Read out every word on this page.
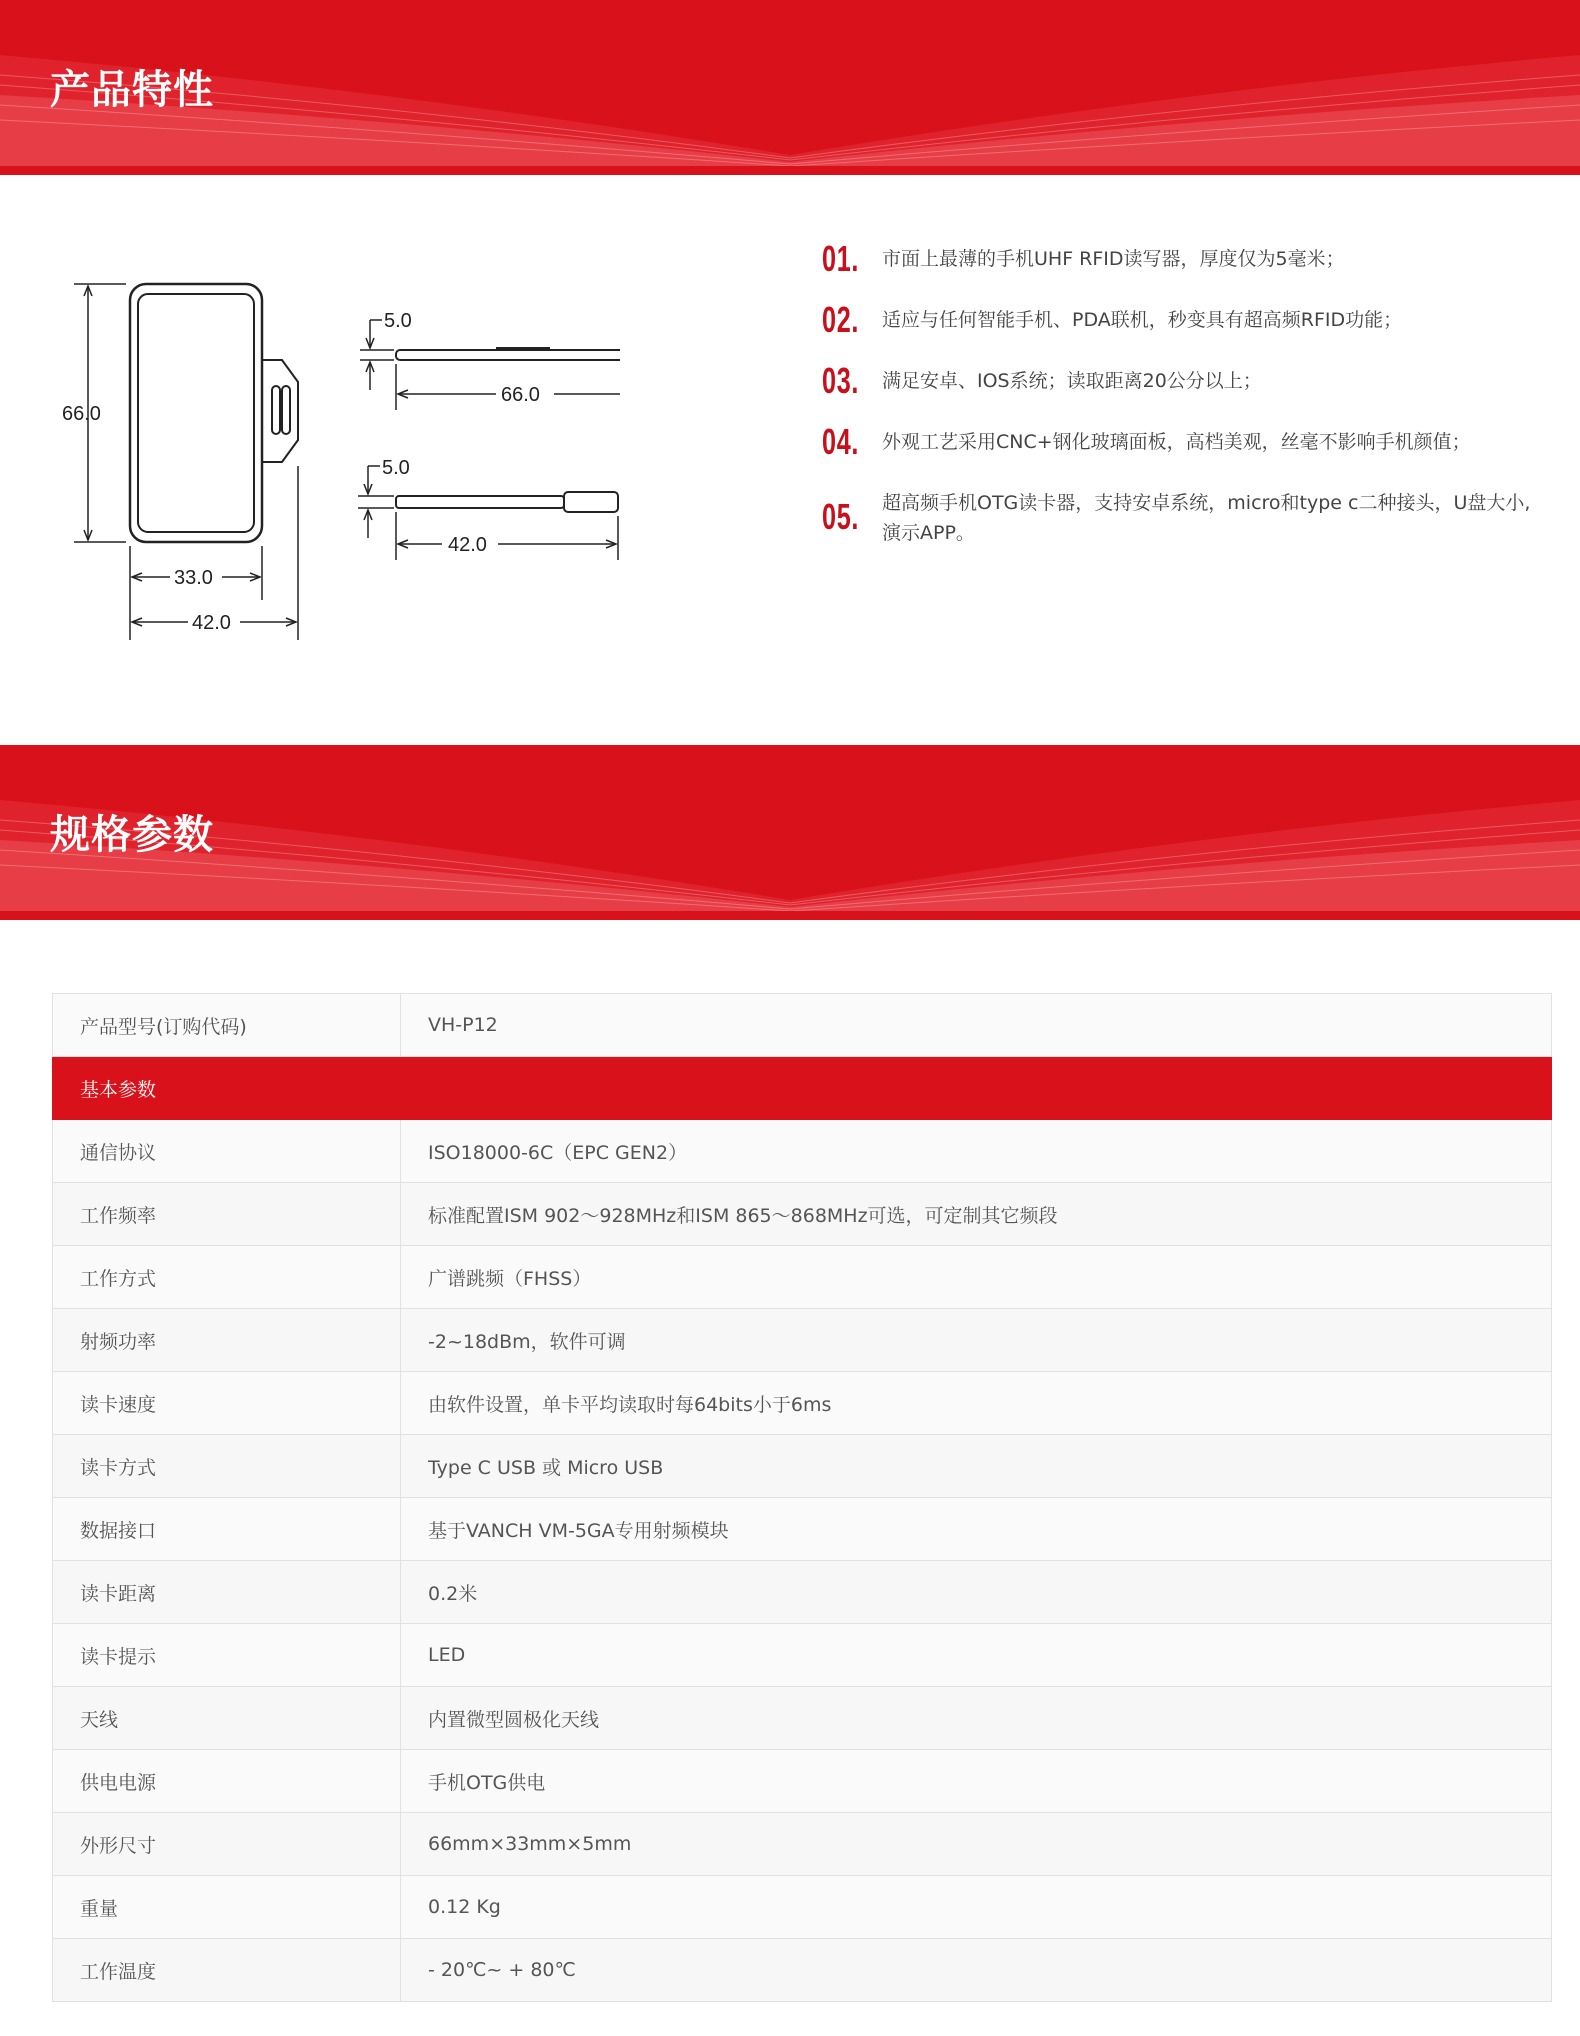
产品特性
66.0
33.0
42.0
5.0
66.0
5.0
42.0
01. 市面上最薄的手机UHF RFID读写器，厚度仅为5毫米；
02. 适应与任何智能手机、PDA联机，秒变具有超高频RFID功能；
03. 满足安卓、IOS系统；读取距离20公分以上；
04. 外观工艺采用CNC+钢化玻璃面板，高档美观，丝毫不影响手机颜值；
05. 超高频手机OTG读卡器，支持安卓系统，micro和type c二种接头，U盘大小,演示APP。
规格参数
产品型号(订购代码)	VH-P12
基本参数	
通信协议	ISO18000-6C（EPC GEN2）
工作频率	标准配置ISM 902～928MHz和ISM 865～868MHz可选，可定制其它频段
工作方式	广谱跳频（FHSS）
射频功率	-2~18dBm，软件可调
读卡速度	由软件设置，单卡平均读取时每64bits小于6ms
读卡方式	Type C USB 或 Micro USB
数据接口	基于VANCH VM-5GA专用射频模块
读卡距离	0.2米
读卡提示	LED
天线	内置微型圆极化天线
供电电源	手机OTG供电
外形尺寸	66mm×33mm×5mm
重量	0.12 Kg
工作温度	- 20℃~ + 80℃
